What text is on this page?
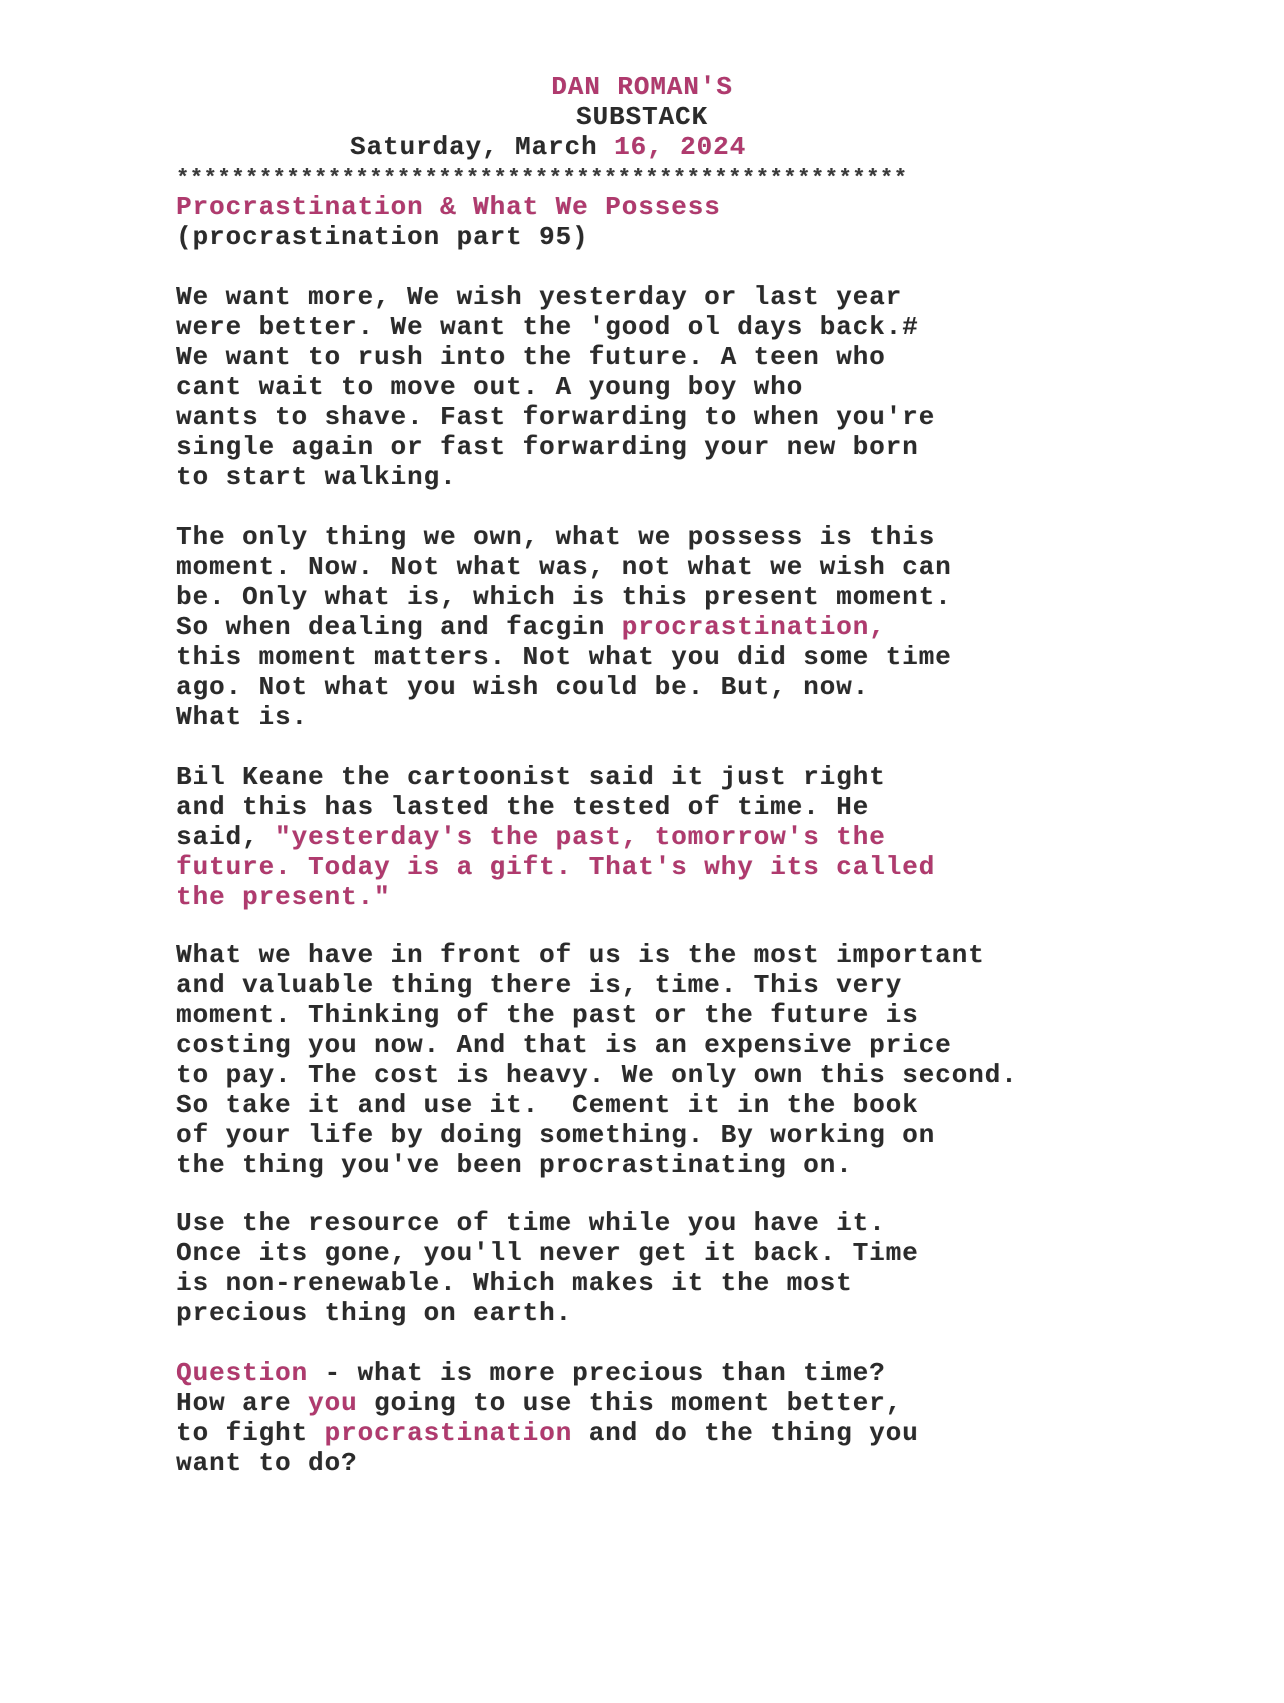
DAN ROMAN'S
SUBSTACK
Saturday, March 16, 2024
*****************************************************
Procrastination & What We Possess
(procrastination part 95)
We want more, We wish yesterday or last year
were better. We want the 'good ol days back.#
We want to rush into the future. A teen who
cant wait to move out. A young boy who
wants to shave. Fast forwarding to when you're
single again or fast forwarding your new born
to start walking.
The only thing we own, what we possess is this
moment. Now. Not what was, not what we wish can
be. Only what is, which is this present moment.
So when dealing and facgin procrastination,
this moment matters. Not what you did some time
ago. Not what you wish could be. But, now.
What is.
Bil Keane the cartoonist said it just right
and this has lasted the tested of time. He
said, "yesterday's the past, tomorrow's the
future. Today is a gift. That's why its called
the present."
What we have in front of us is the most important
and valuable thing there is, time. This very
moment. Thinking of the past or the future is
costing you now. And that is an expensive price
to pay. The cost is heavy. We only own this second.
So take it and use it.  Cement it in the book
of your life by doing something. By working on
the thing you've been procrastinating on.
Use the resource of time while you have it.
Once its gone, you'll never get it back. Time
is non-renewable. Which makes it the most
precious thing on earth.
Question - what is more precious than time?
How are you going to use this moment better,
to fight procrastination and do the thing you
want to do?
